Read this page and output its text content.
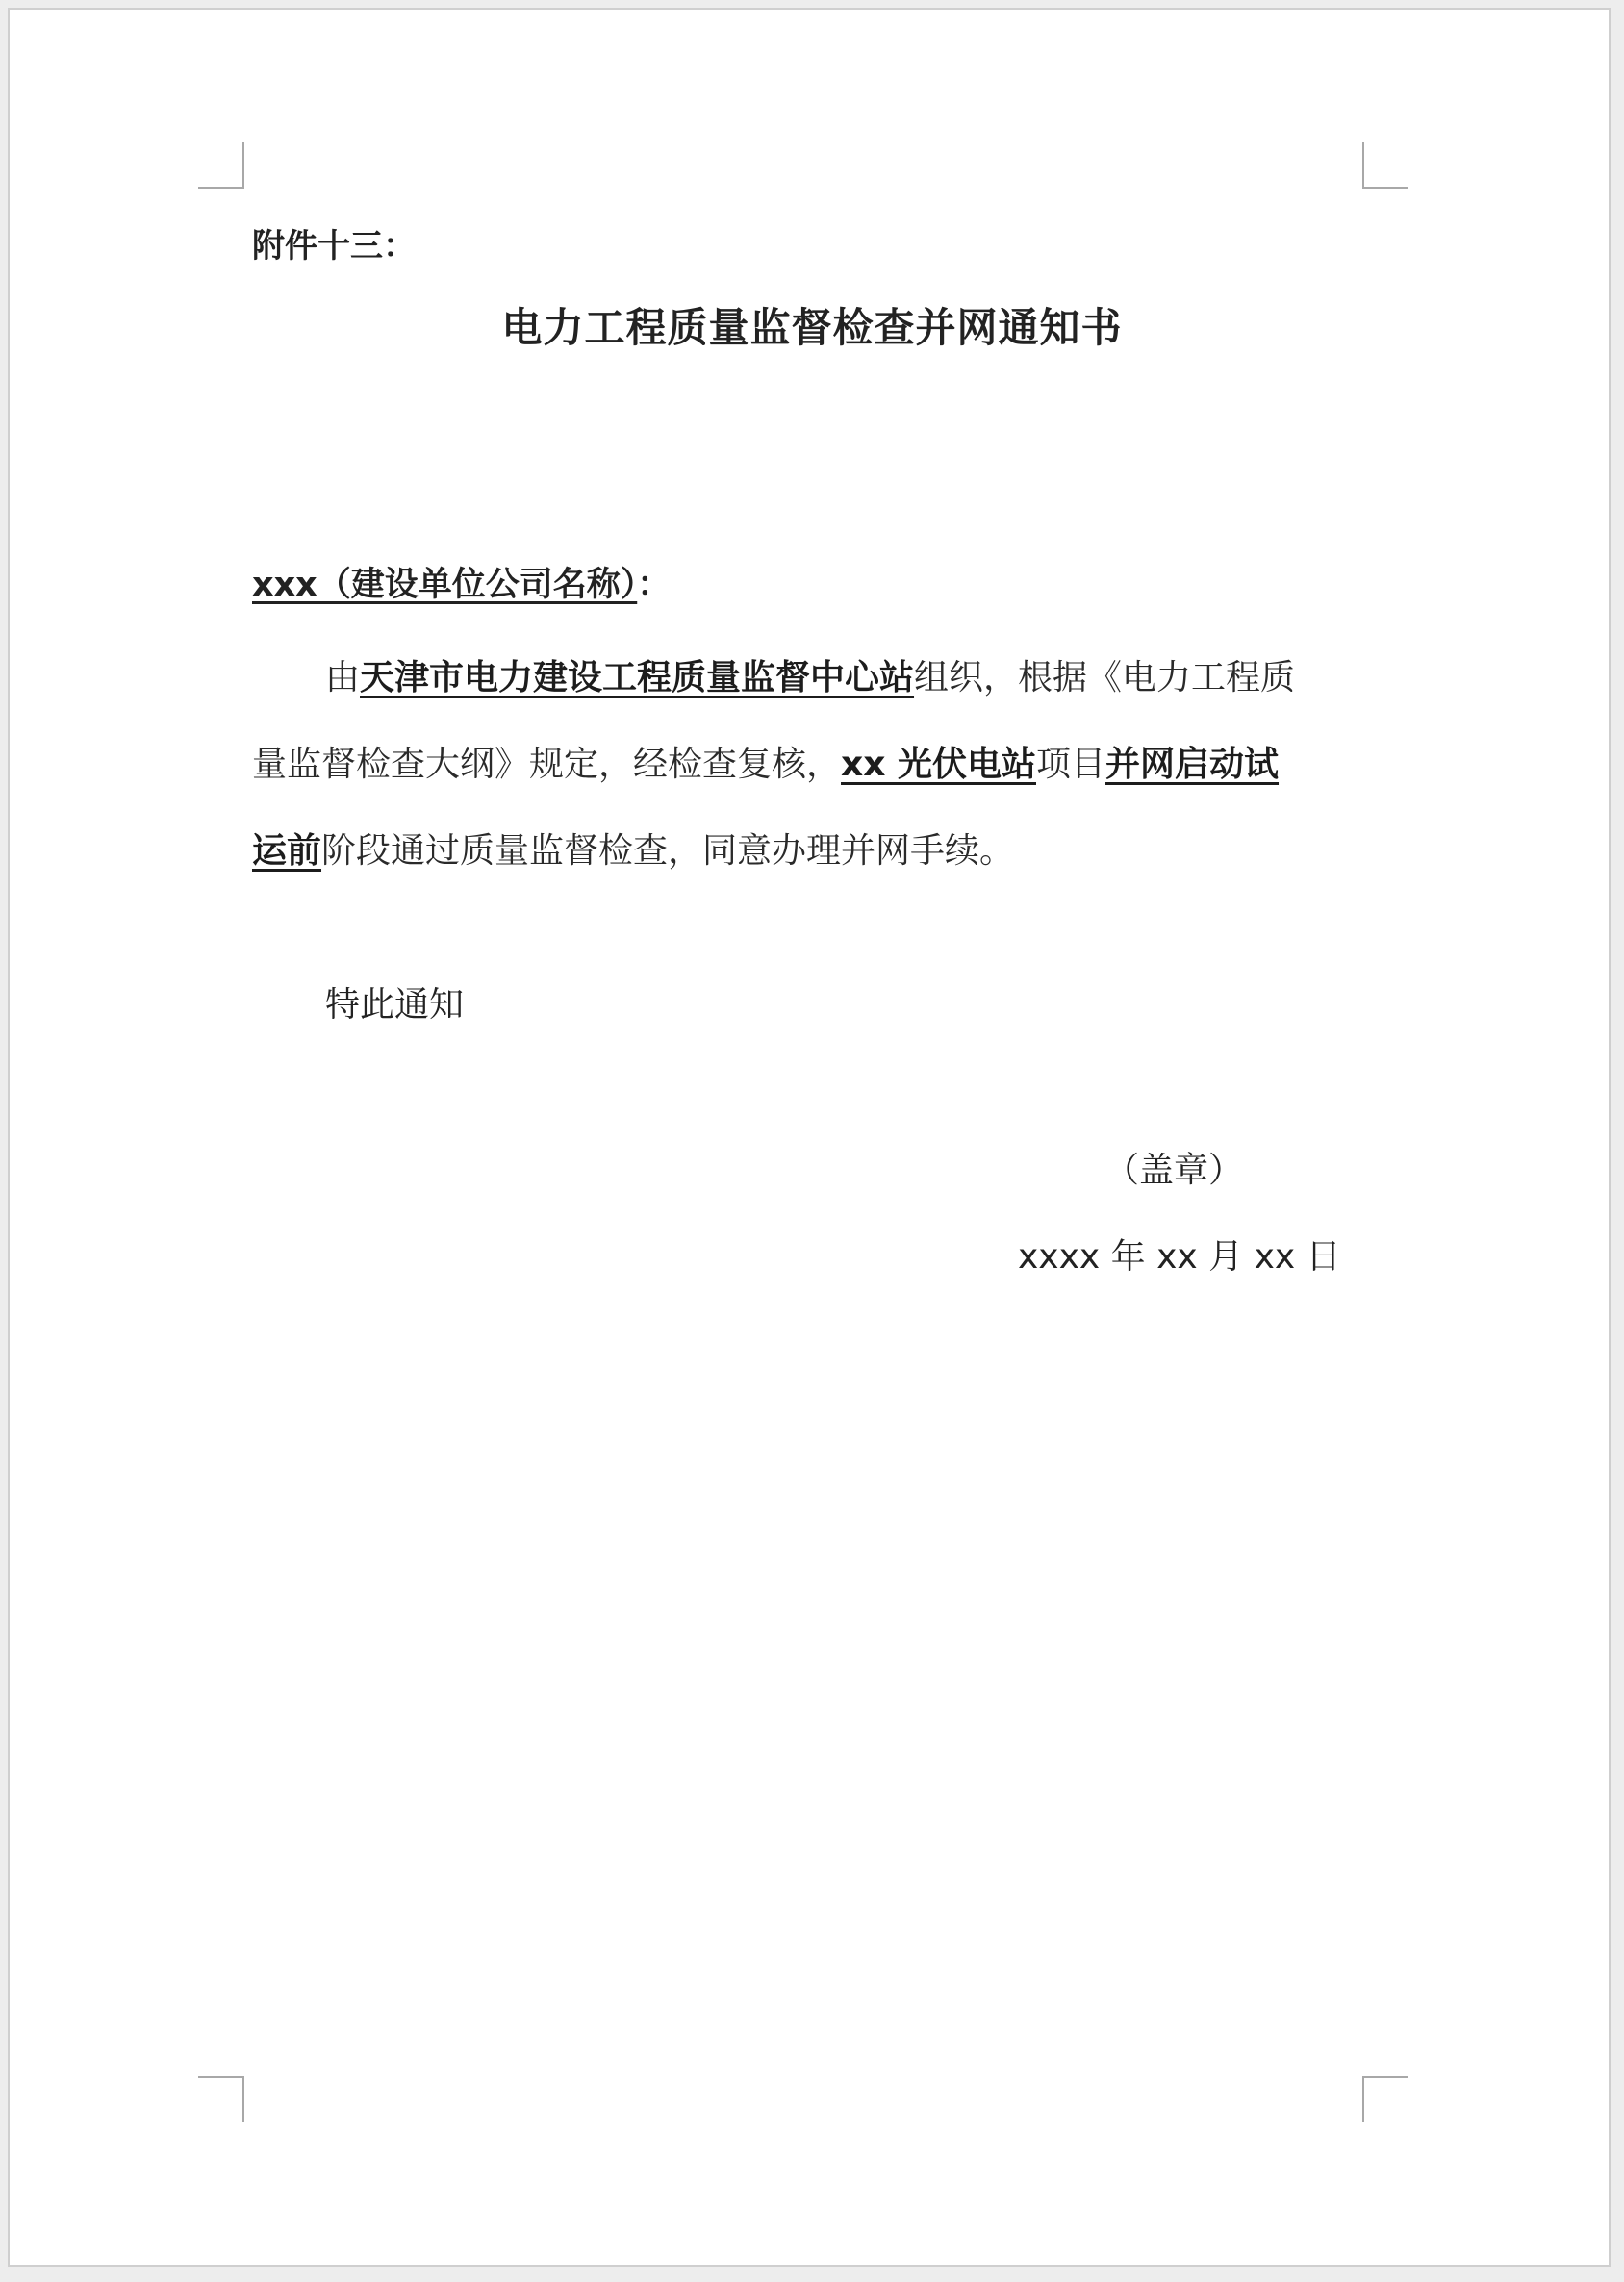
附件十三：
电力工程质量监督检查并网通知书
xxx（建设单位公司名称）：
由天津市电力建设工程质量监督中心站组织，根据《电力工程质
量监督检查大纲》规定，经检查复核，xx 光伏电站项目并网启动试
运前阶段通过质量监督检查，同意办理并网手续。
特此通知
（盖章）
xxxx 年 xx 月 xx 日
